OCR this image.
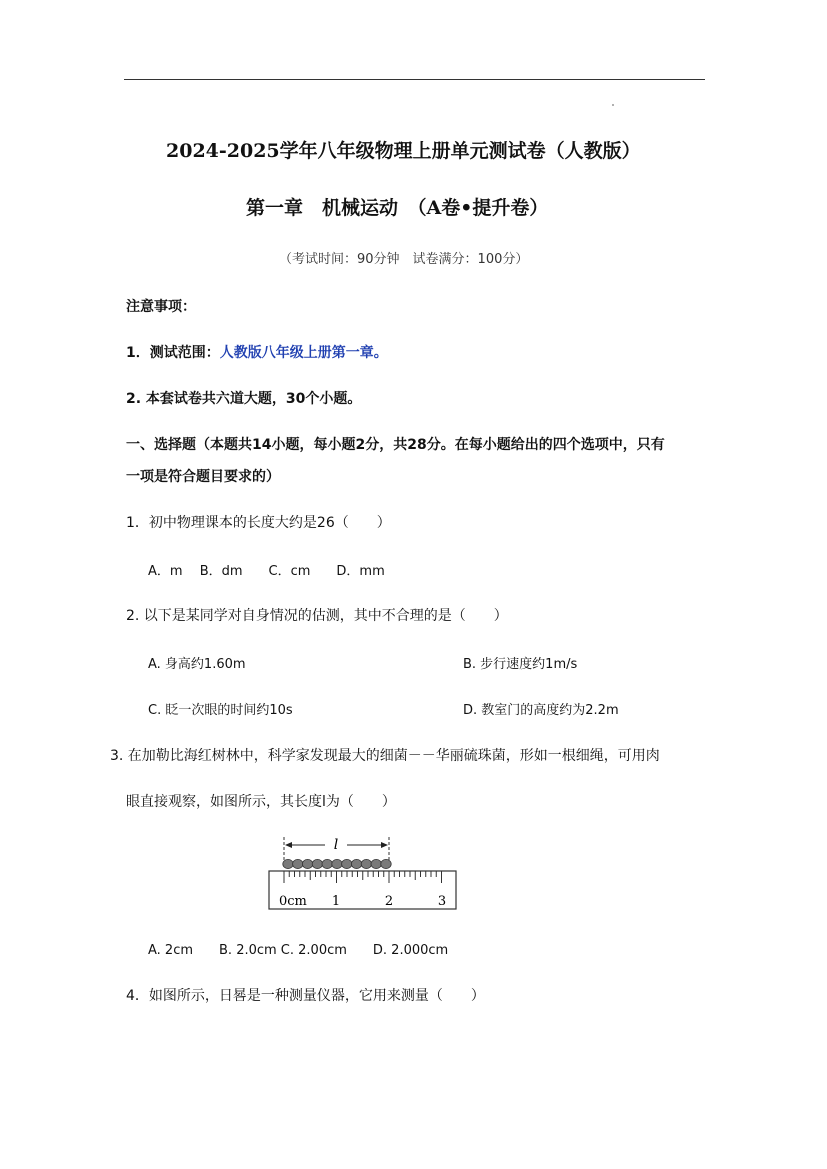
2024-2025学年八年级物理上册单元测试卷（人教版）
第一章　机械运动　（A卷•提升卷）
（考试时间：90分钟　试卷满分：100分）
注意事项：
1．测试范围：人教版八年级上册第一章。
2. 本套试卷共六道大题，30个小题。
一、选择题（本题共14小题，每小题2分，共28分。在每小题给出的四个选项中，只有
一项是符合题目要求的）
1．初中物理课本的长度大约是26（　　）
A．m　 B．dm　　C．cm　　D．mm
2. 以下是某同学对自身情况的估测，其中不合理的是（　　）
A. 身高约1.60m	B. 步行速度约1m/s
C. 眨一次眼的时间约10s	D. 教室门的高度约为2.2m
3. 在加勒比海红树林中，科学家发现最大的细菌－－华丽硫珠菌，形如一根细绳，可用肉
眼直接观察，如图所示，其长度l为（　　）
l
0cm 1	2	3
A. 2cm　　B. 2.0cm C. 2.00cm　　D. 2.000cm
4．如图所示，日晷是一种测量仪器，它用来测量（　　）
